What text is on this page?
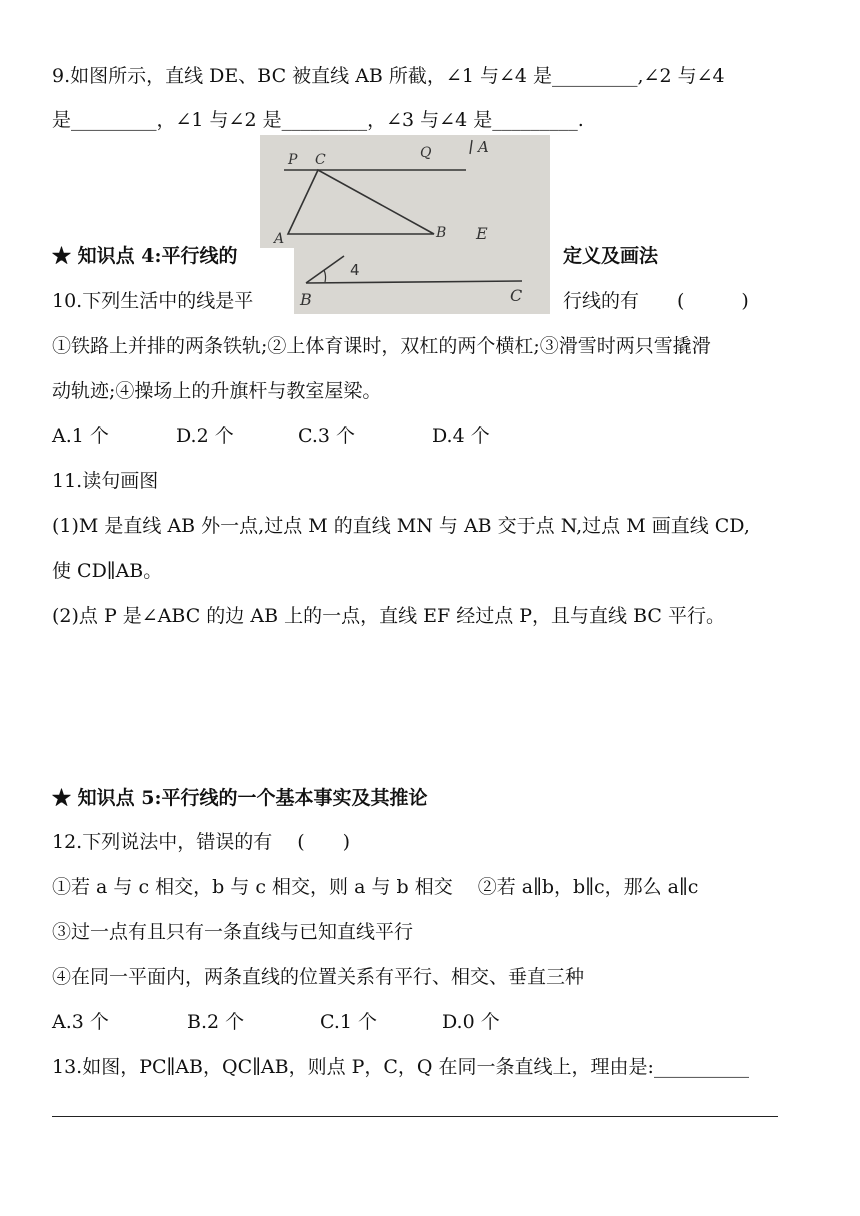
9.如图所示，直线 DE、BC 被直线 AB 所截，∠1 与∠4 是_________,∠2 与∠4
是_________，∠1 与∠2 是_________，∠3 与∠4 是_________.
P C	Q	A
A	B E
4
B	C
★ 知识点 4:平行线的	定义及画法
10.下列生活中的线是平	行线的有　　(　　　)
①铁路上并排的两条铁轨;②上体育课时，双杠的两个横杠;③滑雪时两只雪撬滑
动轨迹;④操场上的升旗杆与教室屋梁。
A.1 个	D.2 个	C.3 个	D.4 个
11.读句画图
(1)M 是直线 AB 外一点,过点 M 的直线 MN 与 AB 交于点 N,过点 M 画直线 CD,
使 CD∥AB。
(2)点 P 是∠ABC 的边 AB 上的一点，直线 EF 经过点 P，且与直线 BC 平行。
★ 知识点 5:平行线的一个基本事实及其推论
12.下列说法中，错误的有　 (　　)
①若 a 与 c 相交，b 与 c 相交，则 a 与 b 相交　 ②若 a∥b，b∥c，那么 a∥c
③过一点有且只有一条直线与已知直线平行
④在同一平面内，两条直线的位置关系有平行、相交、垂直三种
A.3 个	B.2 个	C.1 个	D.0 个
13.如图，PC∥AB，QC∥AB，则点 P，C，Q 在同一条直线上，理由是:__________
